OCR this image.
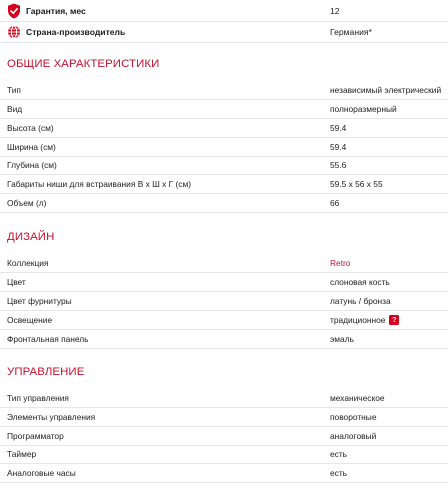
Гарантия, мес	12
Страна-производитель	Германия*
ОБЩИЕ ХАРАКТЕРИСТИКИ
Тип	независимый электрический
Вид	полноразмерный
Высота (см)	59.4
Ширина (см)	59.4
Глубина (см)	55.6
Габариты ниши для встраивания В х Ш х Г (см)	59.5 x 56 x 55
Объем (л)	66
ДИЗАЙН
Коллекция	Retro
Цвет	слоновая кость
Цвет фурнитуры	латунь / бронза
Освещение	традиционное ?
Фронтальная панель	эмаль
УПРАВЛЕНИЕ
Тип управления	механическое
Элементы управления	поворотные
Программатор	аналоговый
Таймер	есть
Аналоговые часы	есть
